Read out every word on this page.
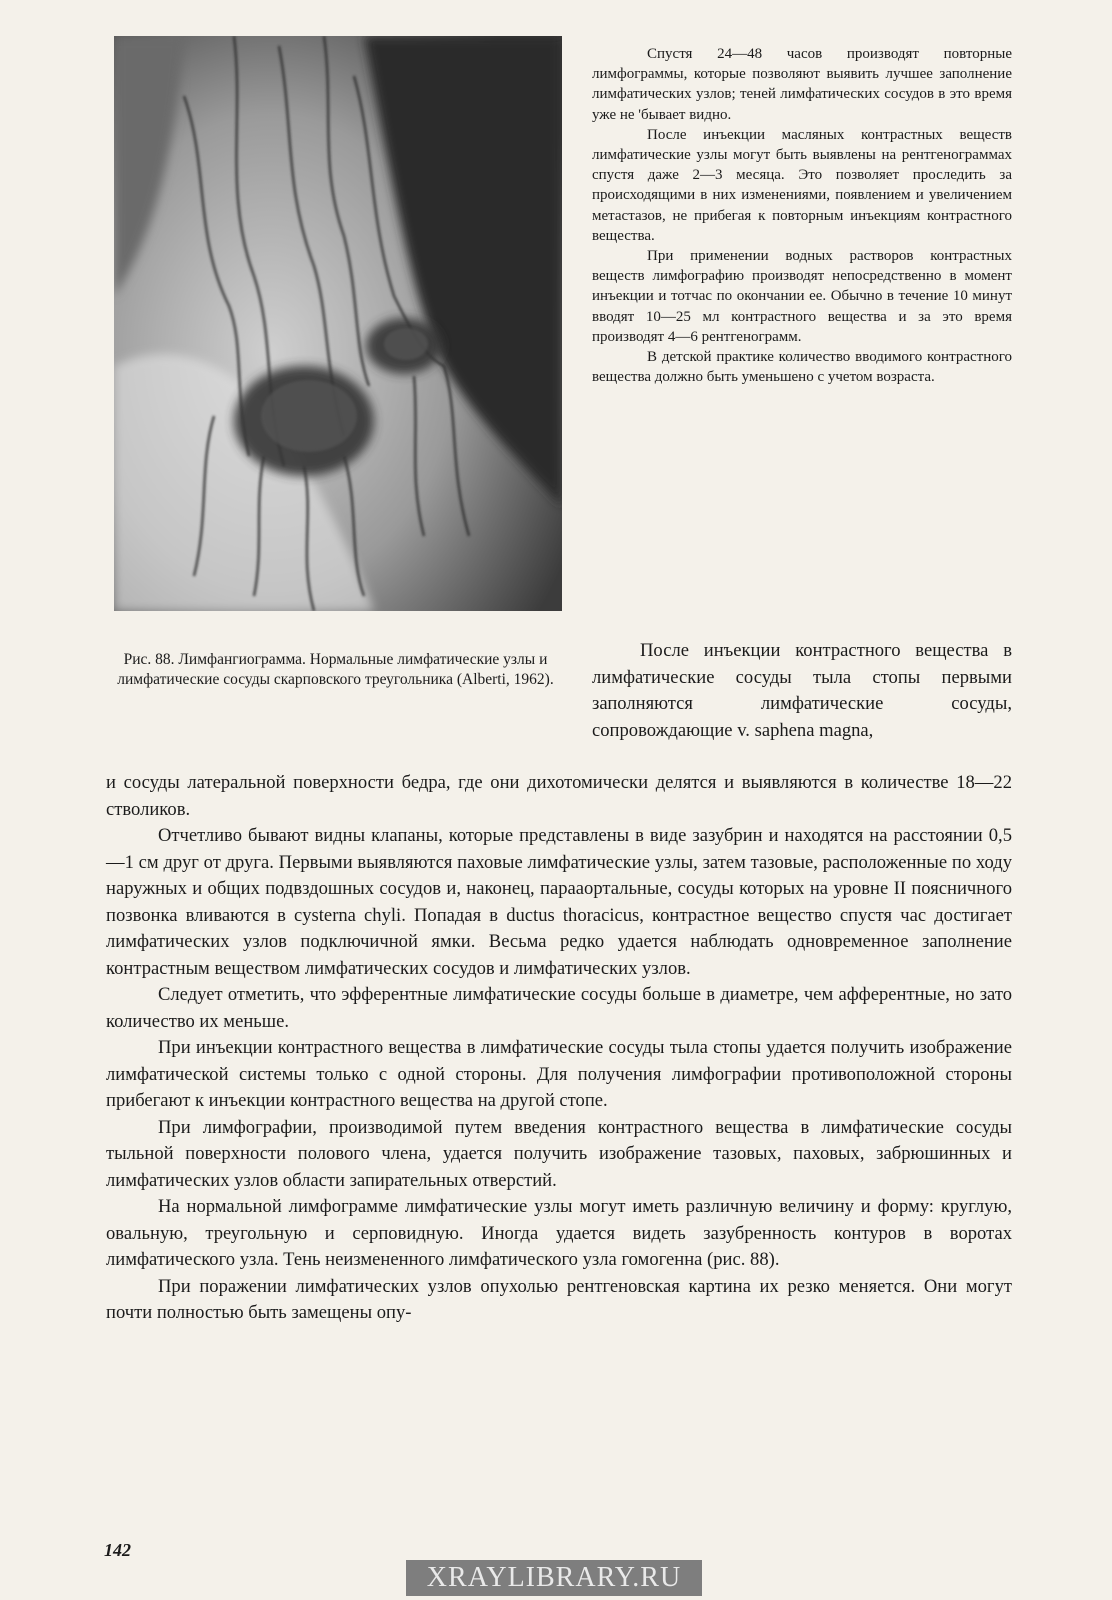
Спустя 24—48 часов производят повторные лимфограммы, которые позволяют выявить лучшее заполнение лимфатических узлов; теней лимфатических сосудов в это время уже не 'бывает видно.

После инъекции масляных контрастных веществ лимфатические узлы могут быть выявлены на рентгенограммах спустя даже 2—3 месяца. Это позволяет проследить за происходящими в них изменениями, появлением и увеличением метастазов, не прибегая к повторным инъекциям контрастного вещества.

При применении водных растворов контрастных веществ лимфографию производят непосредственно в момент инъекции и тотчас по окончании ее. Обычно в течение 10 минут вводят 10—25 мл контрастного вещества и за это время производят 4—6 рентгенограмм.

В детской практике количество вводимого контрастного вещества должно быть уменьшено с учетом возраста.

Рис. 88. Лимфангиограмма. Нормальные лимфатические узлы и лимфатические сосуды скарповского треугольника (Alberti, 1962).

После инъекции контрастного вещества в лимфатические сосуды тыла стопы первыми заполняются лимфатические сосуды, сопровождающие v. saphena magna,

и сосуды латеральной поверхности бедра, где они дихотомически делятся и выявляются в количестве 18—22 стволиков.

Отчетливо бывают видны клапаны, которые представлены в виде зазубрин и находятся на расстоянии 0,5—1 см друг от друга. Первыми выявляются паховые лимфатические узлы, затем тазовые, расположенные по ходу наружных и общих подвздошных сосудов и, наконец, парааортальные, сосуды которых на уровне II поясничного позвонка вливаются в cysterna chyli. Попадая в ductus thoracicus, контрастное вещество спустя час достигает лимфатических узлов подключичной ямки. Весьма редко удается наблюдать одновременное заполнение контрастным веществом лимфатических сосудов и лимфатических узлов.

Следует отметить, что эфферентные лимфатические сосуды больше в диаметре, чем афферентные, но зато количество их меньше.

При инъекции контрастного вещества в лимфатические сосуды тыла стопы удается получить изображение лимфатической системы только с одной стороны. Для получения лимфографии противоположной стороны прибегают к инъекции контрастного вещества на другой стопе.

При лимфографии, производимой путем введения контрастного вещества в лимфатические сосуды тыльной поверхности полового члена, удается получить изображение тазовых, паховых, забрюшинных и лимфатических узлов области запирательных отверстий.

На нормальной лимфограмме лимфатические узлы могут иметь различную величину и форму: круглую, овальную, треугольную и серповидную. Иногда удается видеть зазубренность контуров в воротах лимфатического узла. Тень неизмененного лимфатического узла гомогенна (рис. 88).

При поражении лимфатических узлов опухолью рентгеновская картина их резко меняется. Они могут почти полностью быть замещены опу-

142
XRAYLIBRARY.RU
